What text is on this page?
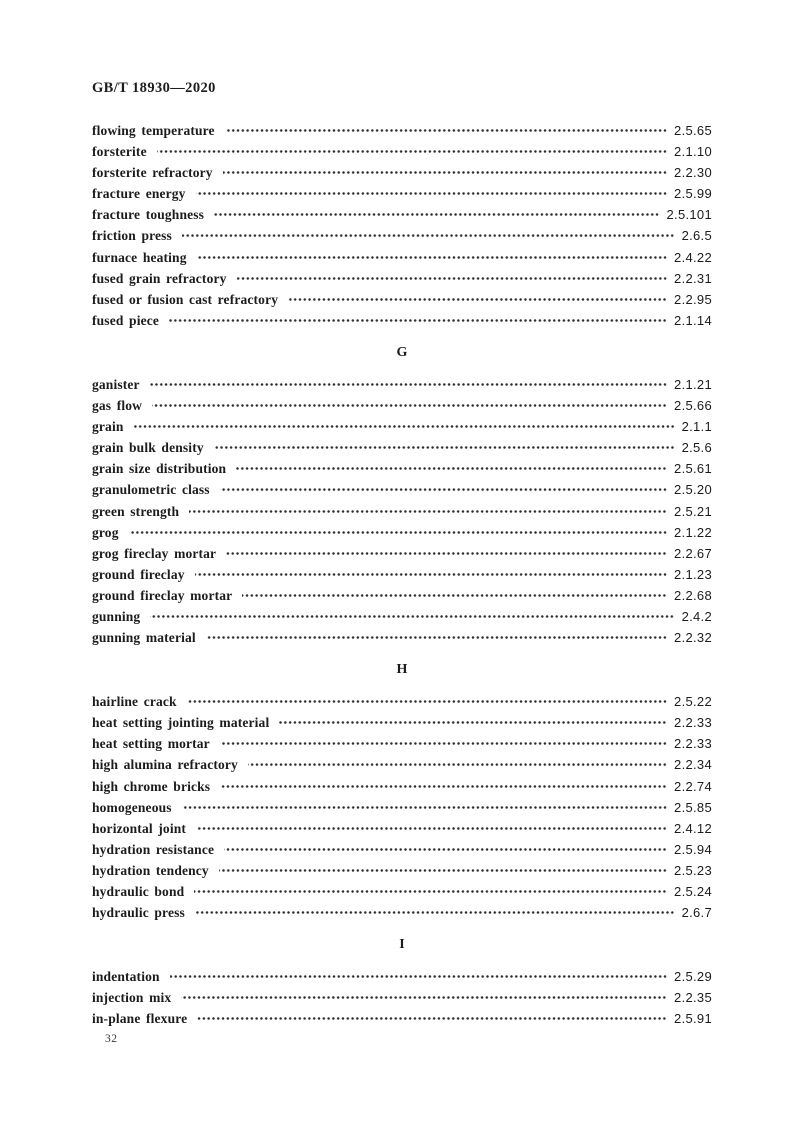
GB/T 18930—2020
flowing temperature	2.5.65
forsterite	2.1.10
forsterite refractory	2.2.30
fracture energy	2.5.99
fracture toughness	2.5.101
friction press	2.6.5
furnace heating	2.4.22
fused grain refractory	2.2.31
fused or fusion cast refractory	2.2.95
fused piece	2.1.14
G
ganister	2.1.21
gas flow	2.5.66
grain	2.1.1
grain bulk density	2.5.6
grain size distribution	2.5.61
granulometric class	2.5.20
green strength	2.5.21
grog	2.1.22
grog fireclay mortar	2.2.67
ground fireclay	2.1.23
ground fireclay mortar	2.2.68
gunning	2.4.2
gunning material	2.2.32
H
hairline crack	2.5.22
heat setting jointing material	2.2.33
heat setting mortar	2.2.33
high alumina refractory	2.2.34
high chrome bricks	2.2.74
homogeneous	2.5.85
horizontal joint	2.4.12
hydration resistance	2.5.94
hydration tendency	2.5.23
hydraulic bond	2.5.24
hydraulic press	2.6.7
I
indentation	2.5.29
injection mix	2.2.35
in-plane flexure	2.5.91
32
